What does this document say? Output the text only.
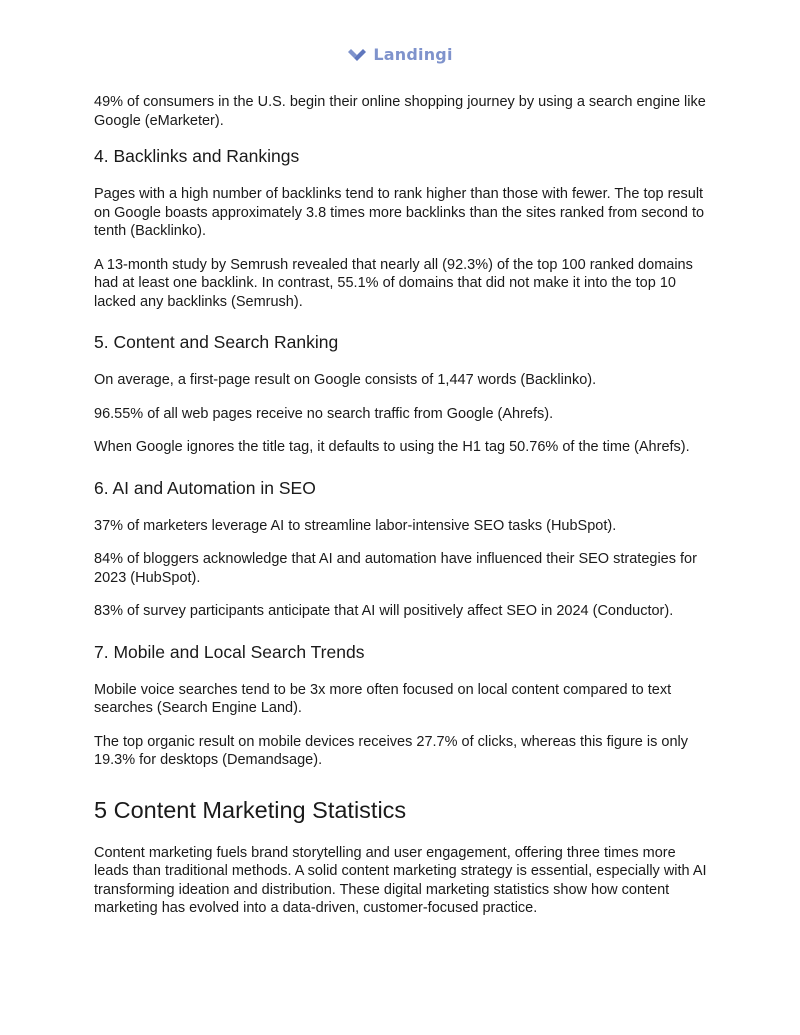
Landingi

49% of consumers in the U.S. begin their online shopping journey by using a search engine like Google (eMarketer).

4. Backlinks and Rankings

Pages with a high number of backlinks tend to rank higher than those with fewer. The top result on Google boasts approximately 3.8 times more backlinks than the sites ranked from second to tenth (Backlinko).

A 13-month study by Semrush revealed that nearly all (92.3%) of the top 100 ranked domains had at least one backlink. In contrast, 55.1% of domains that did not make it into the top 10 lacked any backlinks (Semrush).

5. Content and Search Ranking

On average, a first-page result on Google consists of 1,447 words (Backlinko).

96.55% of all web pages receive no search traffic from Google (Ahrefs).

When Google ignores the title tag, it defaults to using the H1 tag 50.76% of the time (Ahrefs).

6. AI and Automation in SEO

37% of marketers leverage AI to streamline labor-intensive SEO tasks (HubSpot).

84% of bloggers acknowledge that AI and automation have influenced their SEO strategies for 2023 (HubSpot).

83% of survey participants anticipate that AI will positively affect SEO in 2024 (Conductor).

7. Mobile and Local Search Trends

Mobile voice searches tend to be 3x more often focused on local content compared to text searches (Search Engine Land).

The top organic result on mobile devices receives 27.7% of clicks, whereas this figure is only 19.3% for desktops (Demandsage).

5 Content Marketing Statistics

Content marketing fuels brand storytelling and user engagement, offering three times more leads than traditional methods. A solid content marketing strategy is essential, especially with AI transforming ideation and distribution. These digital marketing statistics show how content marketing has evolved into a data-driven, customer-focused practice.
